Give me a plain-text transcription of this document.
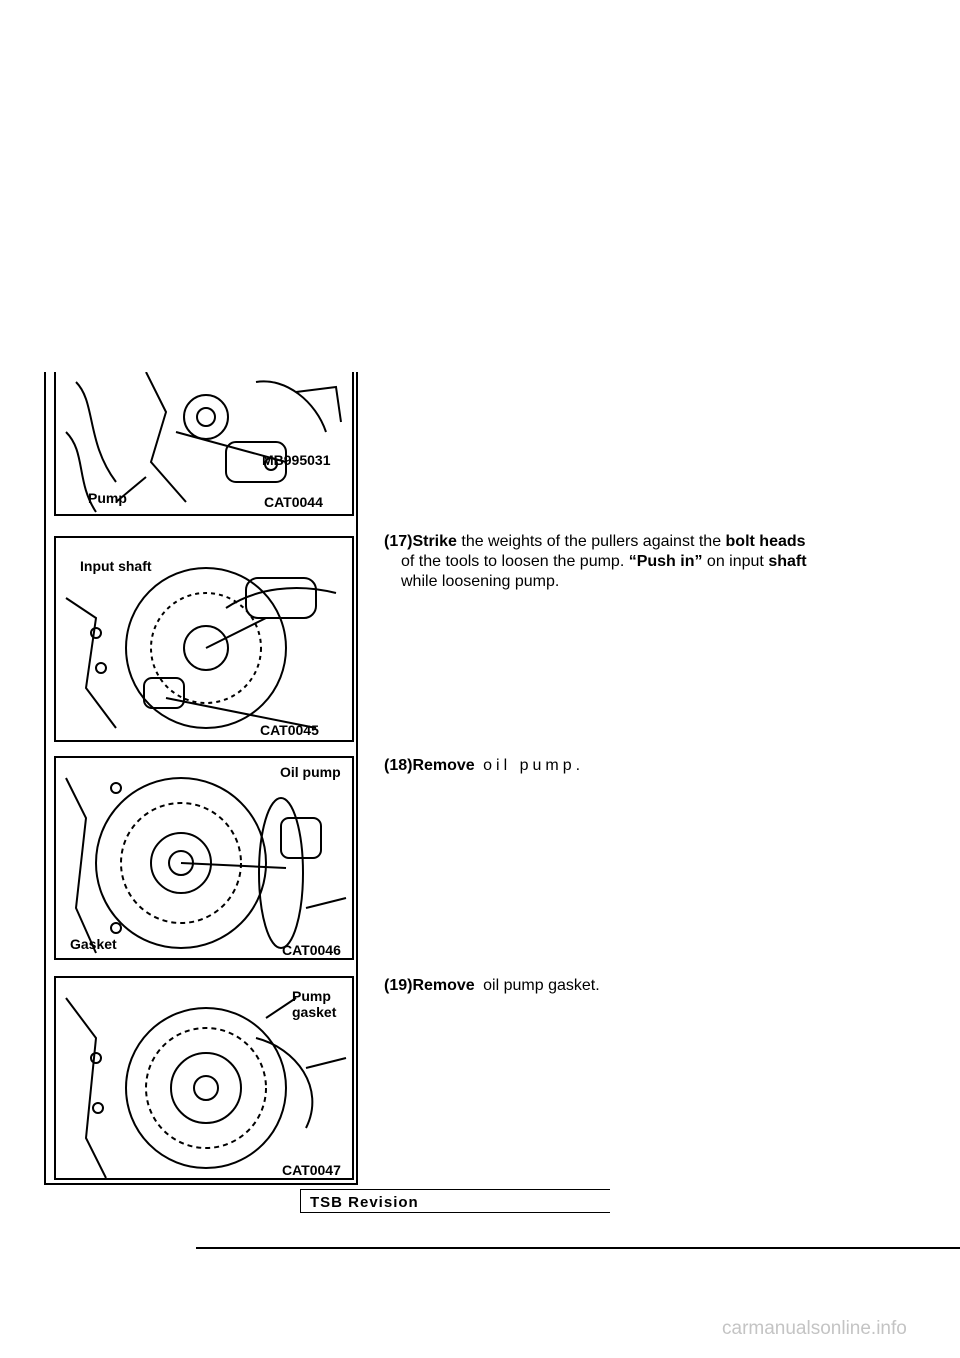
MB995031
Pump	CAT0044
Input shaft
CAT0045
Oil pump
Gasket	CAT0046
Pump
gasket
CAT0047
(17)Strike the weights of the pullers against the bolt heads
of the tools to loosen the pump. “Push in” on input shaft
while loosening pump.
(18)Remove oil pump.
(19)Remove oil pump gasket.
TSB Revision
carmanualsonline.info
